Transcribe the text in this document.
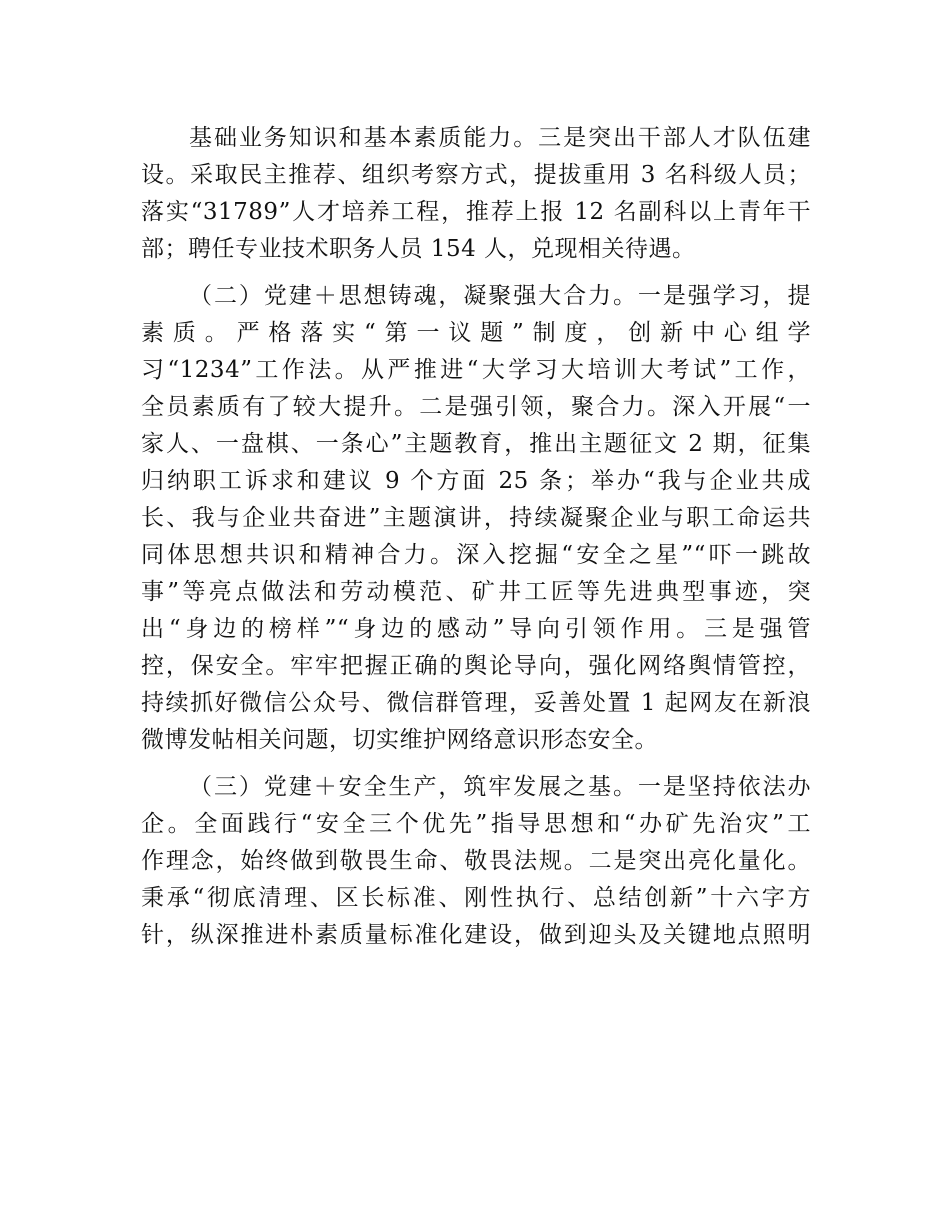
基础业务知识和基本素质能力。三是突出干部人才队伍建
设。采取民主推荐、组织考察方式，提拔重用 3 名科级人员；
落实“31789”人才培养工程，推荐上报 12 名副科以上青年干
部；聘任专业技术职务人员 154 人，兑现相关待遇。
（二）党建＋思想铸魂，凝聚强大合力。一是强学习，提
素质。严格落实“第一议题”制度，创新中心组学
习“1234”工作法。从严推进“大学习大培训大考试”工作，
全员素质有了较大提升。二是强引领，聚合力。深入开展“一
家人、一盘棋、一条心”主题教育，推出主题征文 2 期，征集
归纳职工诉求和建议 9 个方面 25 条；举办“我与企业共成
长、我与企业共奋进”主题演讲，持续凝聚企业与职工命运共
同体思想共识和精神合力。深入挖掘“安全之星”“吓一跳故
事”等亮点做法和劳动模范、矿井工匠等先进典型事迹，突
出“身边的榜样”“身边的感动”导向引领作用。三是强管
控，保安全。牢牢把握正确的舆论导向，强化网络舆情管控，
持续抓好微信公众号、微信群管理，妥善处置 1 起网友在新浪
微博发帖相关问题，切实维护网络意识形态安全。
（三）党建＋安全生产，筑牢发展之基。一是坚持依法办
企。全面践行“安全三个优先”指导思想和“办矿先治灾”工
作理念，始终做到敬畏生命、敬畏法规。二是突出亮化量化。
秉承“彻底清理、区长标准、刚性执行、总结创新”十六字方
针，纵深推进朴素质量标准化建设，做到迎头及关键地点照明
